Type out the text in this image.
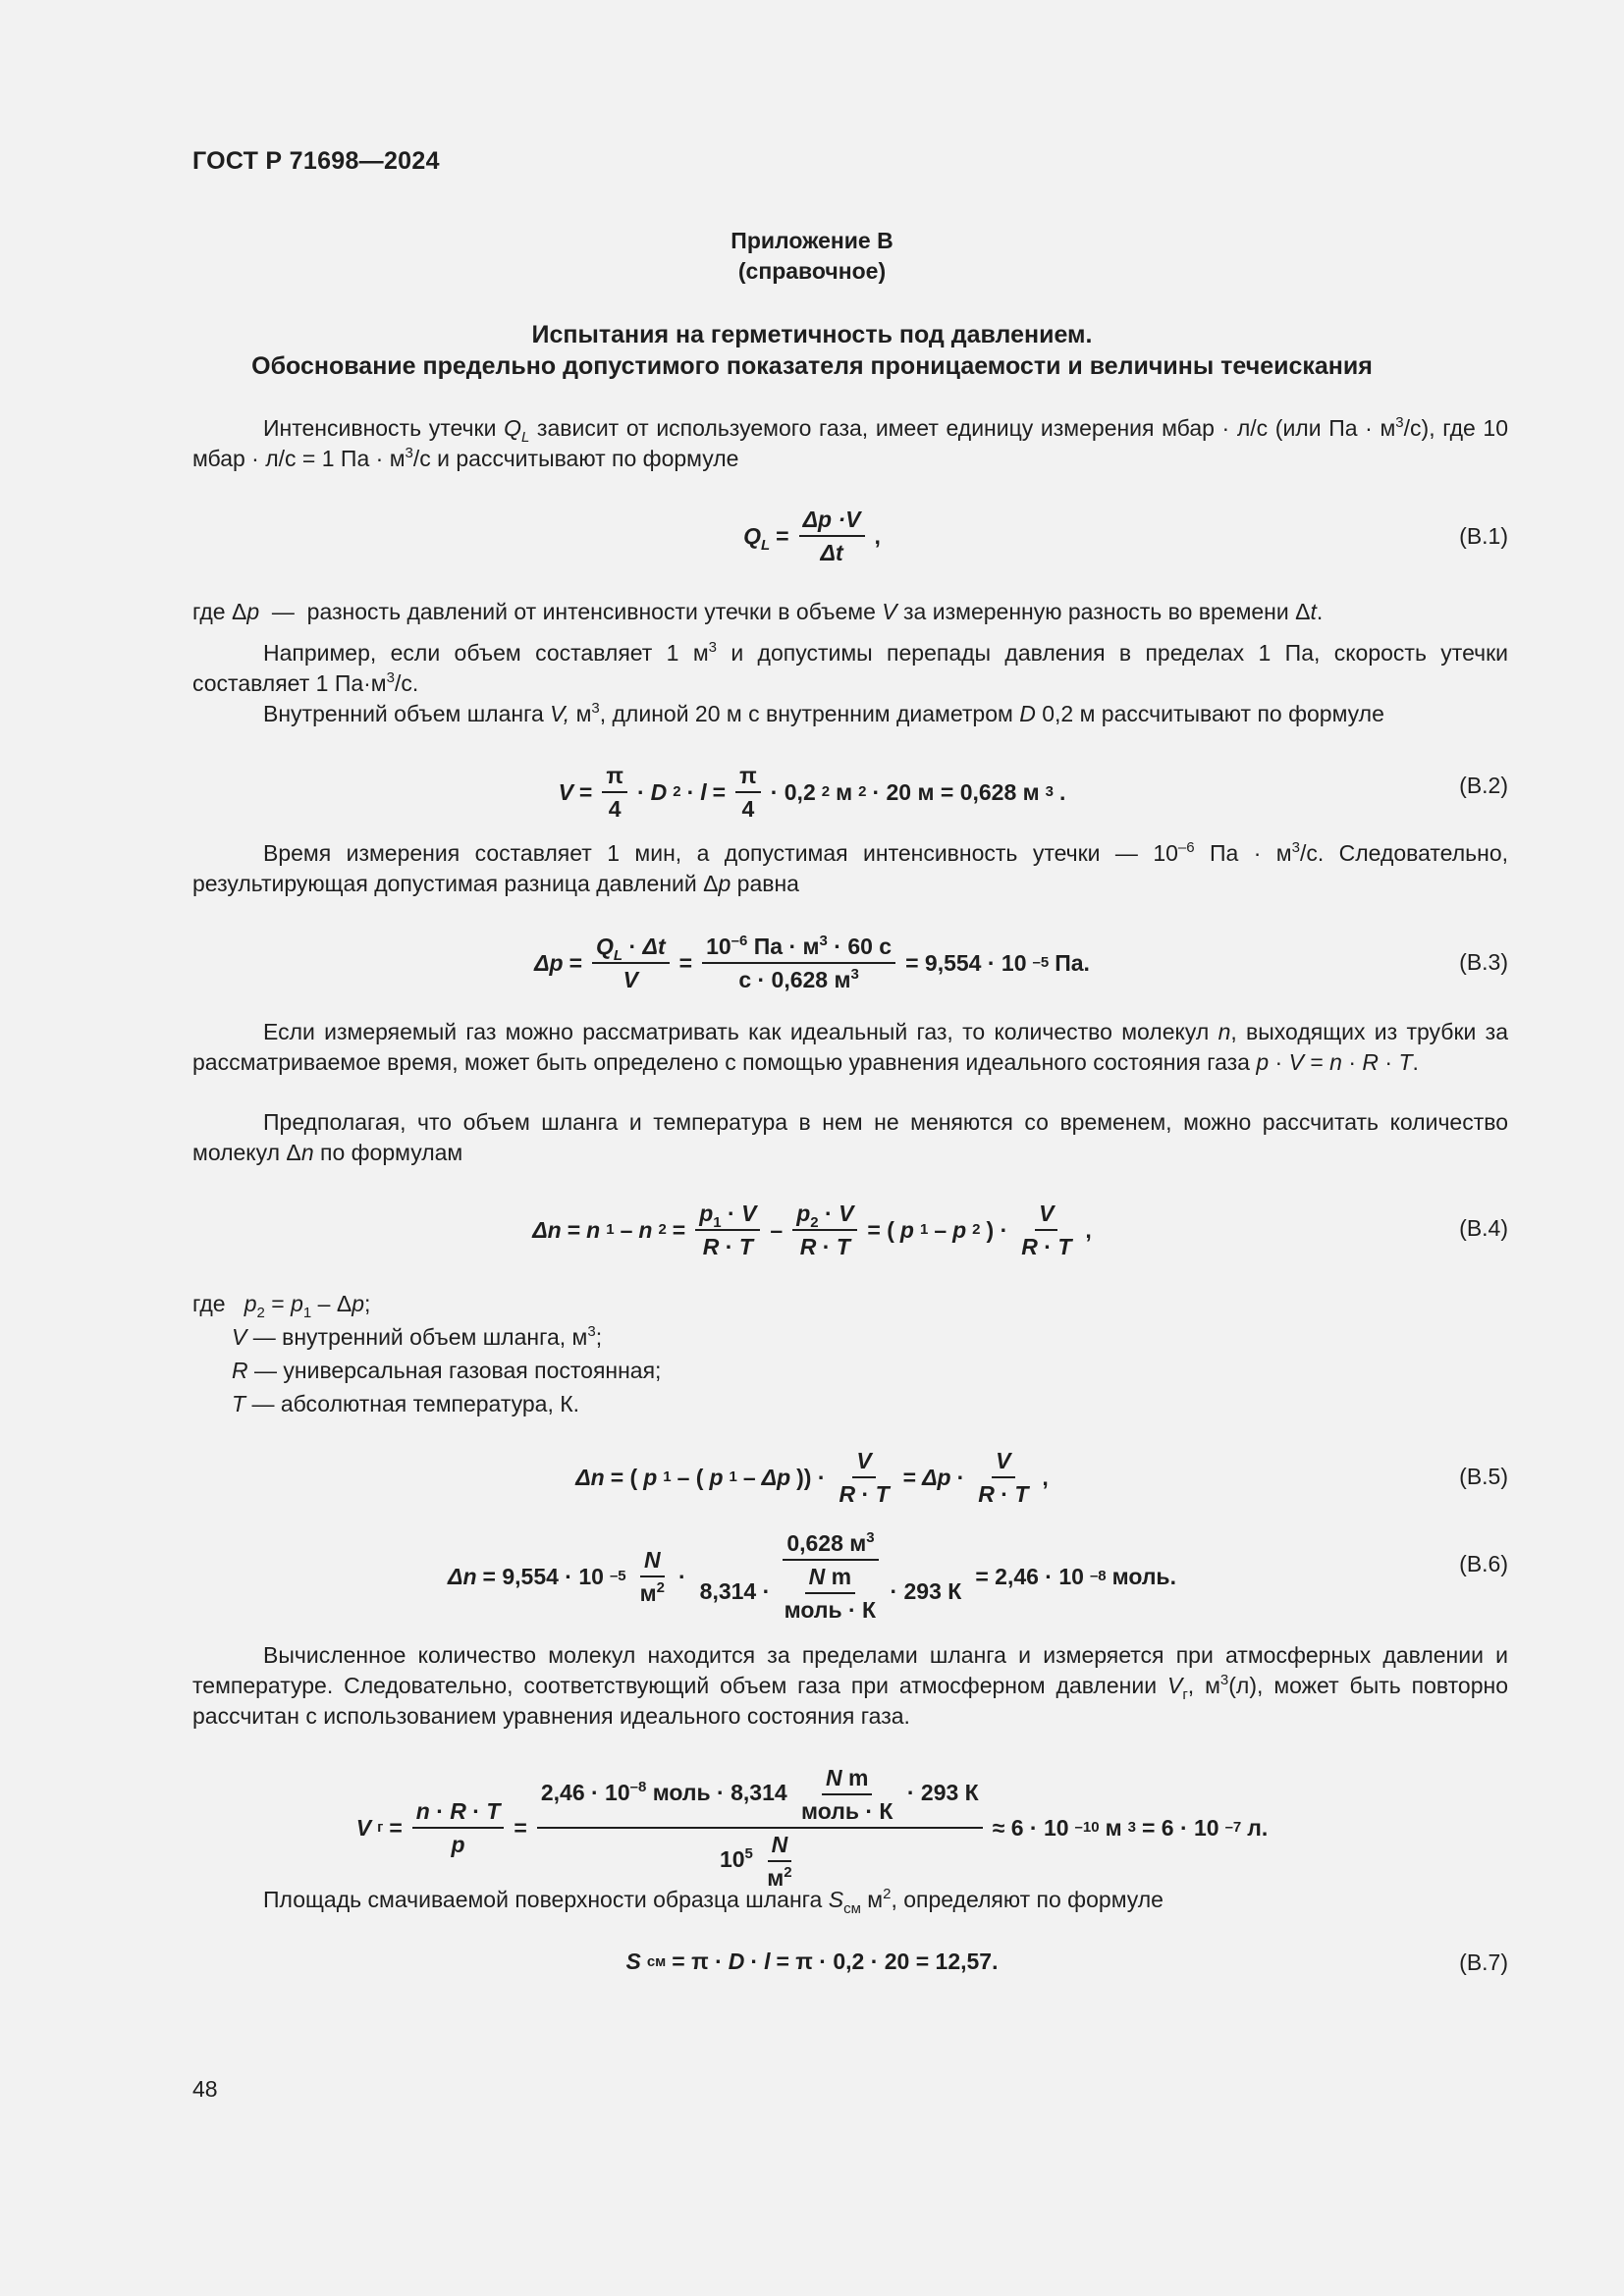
ГОСТ Р 71698—2024
Приложение В
(справочное)
Испытания на герметичность под давлением.
Обоснование предельно допустимого показателя проницаемости и величины течеискания
Интенсивность утечки $Q_L$ зависит от используемого газа, имеет единицу измерения мбар · л/с (или Па · $м^3/с$), где 10 мбар · л/с = 1 Па · $м^3/с$ и рассчитывают по формуле
$Q_L = \frac{\Delta p \cdot V}{\Delta t}$ ,	(В.1)
где Δp  —  разность давлений от интенсивности утечки в объеме V за измеренную разность во времени Δt.
Например, если объем составляет 1 $м^3$ и допустимы перепады давления в пределах 1 Па, скорость утечки составляет 1 $Па\cdot м^3/с$.
Внутренний объем шланга V, $м^3$, длиной 20 м с внутренним диаметром D 0,2 м рассчитывают по формуле
$V = \frac{\pi}{4} \cdot D$ $2 \cdot l = \frac{\pi}{4} \cdot 0,2$ 2 м 2 · 20 м = 0,628 м 3 .	(В.2)
Время измерения составляет 1 мин, а допустимая интенсивность утечки — $10^{-6}$ Па · $м^3/с$. Следовательно, результирующая допустимая разница давлений Δp равна
$\Delta p = \frac{Q_L \cdot \Delta t}{V} = \frac{10^{-6} Па \cdot м^3 \cdot 60 с}{с \cdot 0,628 м^3} = 9,554 \cdot 10$ –5 Па.	(В.3)
Если измеряемый газ можно рассматривать как идеальный газ, то количество молекул n, выходящих из трубки за рассматриваемое время, может быть определено с помощью уравнения идеального состояния газа p · V = n · R · T.
Предполагая, что объем шланга и температура в нем не меняются со временем, можно рассчитать количество молекул Δn по формулам
Δn = n 1 – n $2 = \frac{p_1 \cdot V}{R \cdot T} - \frac{p_2 \cdot V}{R \cdot T}$ = ( p 1 – p 2 ) · $\frac{V}{R \cdot T}$ ,	(В.4)
где $p_2 = p_1 - \Delta p$;
V — внутренний объем шланга, $м^3$;
R — универсальная газовая постоянная;
T — абсолютная температура, К.
Δn = ( p 1 – ( p 1 – Δp )) · $\frac{V}{R \cdot T} = \Delta p \cdot \frac{V}{R \cdot T}$ ,	(В.5)
Δn = 9,554 · 10 $-5 \frac{N}{м^2} \cdot \frac{0,628 м^3}{8,314 \cdot \frac{\text{N m}}{\text{моль · К}} \cdot 293 К} = 2,46 \cdot 10$ –8 моль.	(В.6)
Вычисленное количество молекул находится за пределами шланга и измеряется при атмосферных давлении и температуре. Следовательно, соответствующий объем газа при атмосферном давлении $V_г$, $м^3(л)$, может быть повторно рассчитан с использованием уравнения идеального состояния газа.
V $г = \frac{n \cdot R \cdot T}{p} = \frac{2,46 \cdot 10^{-8} моль \cdot 8,314 \frac{\text{N m}}{\text{моль · К}} \cdot 293 К}{10^5 \frac{N}{м^2}} \approx 6 \cdot 10$ –10 м 3 = 6 · 10 –7 л.
Площадь смачиваемой поверхности образца шланга $S_{см}$ $м^2$, определяют по формуле
S см = π · D · l = π · 0,2 · 20 = 12,57.	(В.7)
48
